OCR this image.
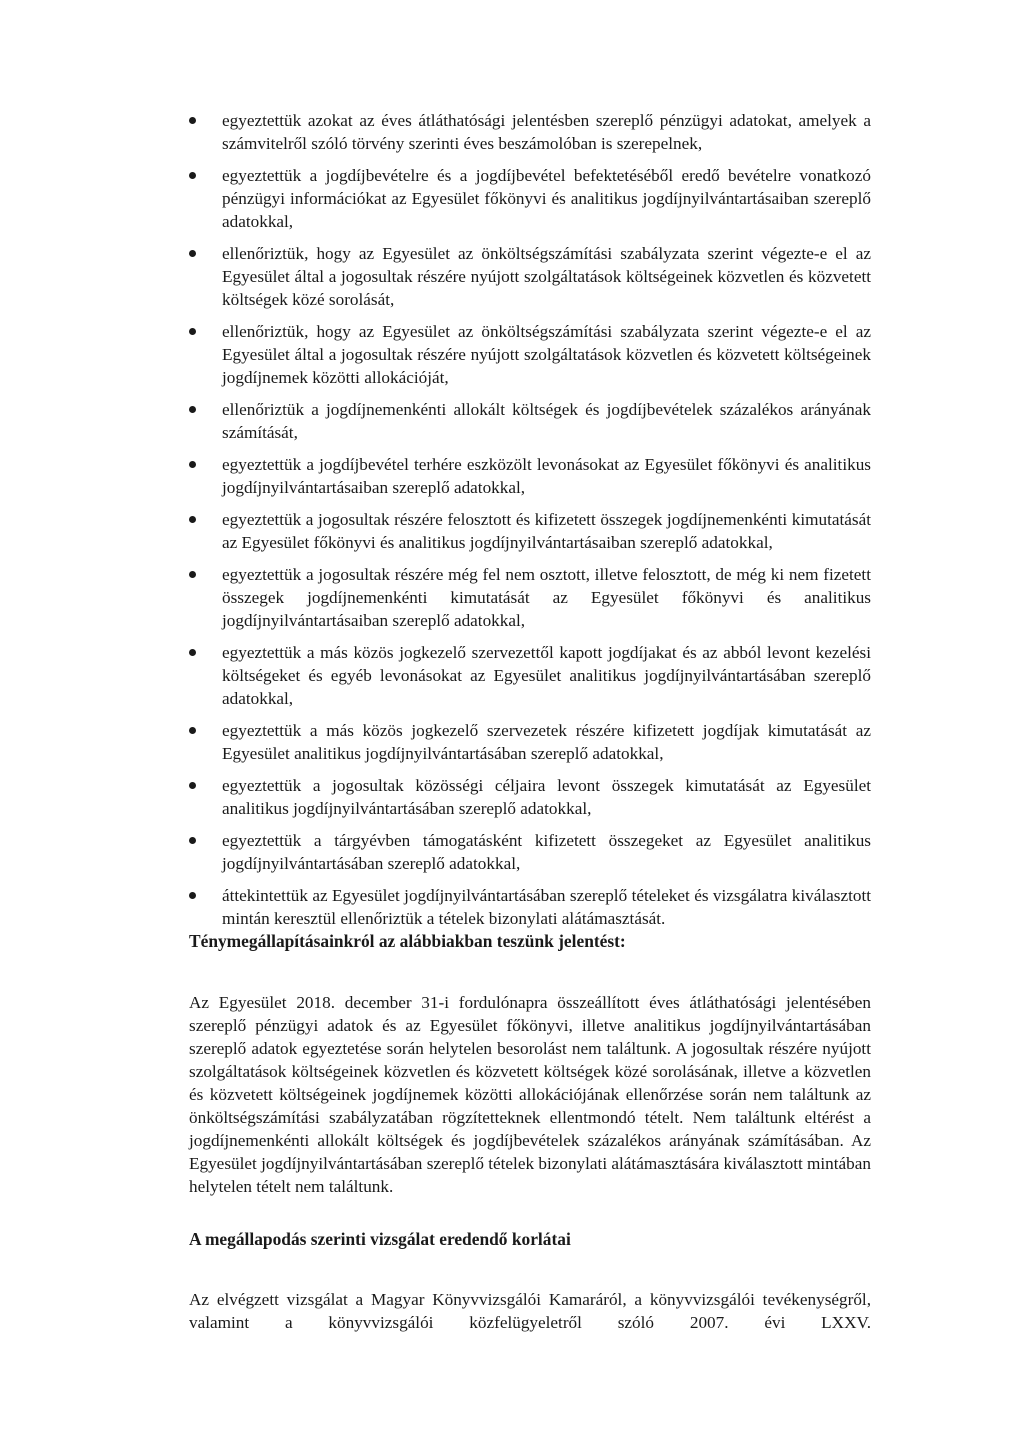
egyeztettük azokat az éves átláthatósági jelentésben szereplő pénzügyi adatokat, amelyek a számvitelről szóló törvény szerinti éves beszámolóban is szerepelnek,
egyeztettük a jogdíjbevételre és a jogdíjbevétel befektetéséből eredő bevételre vonatkozó pénzügyi információkat az Egyesület főkönyvi és analitikus jogdíjnyilvántartásaiban szereplő adatokkal,
ellenőriztük, hogy az Egyesület az önköltségszámítási szabályzata szerint végezte-e el az Egyesület által a jogosultak részére nyújott szolgáltatások költségeinek közvetlen és közvetett költségek közé sorolását,
ellenőriztük, hogy az Egyesület az önköltségszámítási szabályzata szerint végezte-e el az Egyesület által a jogosultak részére nyújott szolgáltatások közvetlen és közvetett költségeinek jogdíjnemek közötti allokációját,
ellenőriztük a jogdíjnemenkénti allokált költségek és jogdíjbevételek százalékos arányának számítását,
egyeztettük a jogdíjbevétel terhére eszközölt levonásokat az Egyesület főkönyvi és analitikus jogdíjnyilvántartásaiban szereplő adatokkal,
egyeztettük a jogosultak részére felosztott és kifizetett összegek jogdíjnemenkénti kimutatását az Egyesület főkönyvi és analitikus jogdíjnyilvántartásaiban szereplő adatokkal,
egyeztettük a jogosultak részére még fel nem osztott, illetve felosztott, de még ki nem fizetett összegek jogdíjnemenkénti kimutatását az Egyesület főkönyvi és analitikus jogdíjnyilvántartásaiban szereplő adatokkal,
egyeztettük a más közös jogkezelő szervezettől kapott jogdíjakat és az abból levont kezelési költségeket és egyéb levonásokat az Egyesület analitikus jogdíjnyilvántartásában szereplő adatokkal,
egyeztettük a más közös jogkezelő szervezetek részére kifizetett jogdíjak kimutatását az Egyesület analitikus jogdíjnyilvántartásában szereplő adatokkal,
egyeztettük a jogosultak közösségi céljaira levont összegek kimutatását az Egyesület analitikus jogdíjnyilvántartásában szereplő adatokkal,
egyeztettük a tárgyévben támogatásként kifizetett összegeket az Egyesület analitikus jogdíjnyilvántartásában szereplő adatokkal,
áttekintettük az Egyesület jogdíjnyilvántartásában szereplő tételeket és vizsgálatra kiválasztott mintán keresztül ellenőriztük a tételek bizonylati alátámasztását.
Ténymegállapításainkról az alábbiakban teszünk jelentést:

Az Egyesület 2018. december 31-i fordulónapra összeállított éves átláthatósági jelentésében szereplő pénzügyi adatok és az Egyesület főkönyvi, illetve analitikus jogdíjnyilvántartásában szereplő adatok egyeztetése során helytelen besorolást nem találtunk. A jogosultak részére nyújott szolgáltatások költségeinek közvetlen és közvetett költségek közé sorolásának, illetve a közvetlen és közvetett költségeinek jogdíjnemek közötti allokációjának ellenőrzése során nem találtunk az önköltségszámítási szabályzatában rögzítetteknek ellentmondó tételt. Nem találtunk eltérést a jogdíjnemenkénti allokált költségek és jogdíjbevételek százalékos arányának számításában. Az Egyesület jogdíjnyilvántartásában szereplő tételek bizonylati alátámasztására kiválasztott mintában helytelen tételt nem találtunk.

A megállapodás szerinti vizsgálat eredendő korlátai

Az elvégzett vizsgálat a Magyar Könyvvizsgálói Kamaráról, a könyvvizsgálói tevékenységről, valamint a könyvvizsgálói közfelügyeletről szóló 2007. évi LXXV.
